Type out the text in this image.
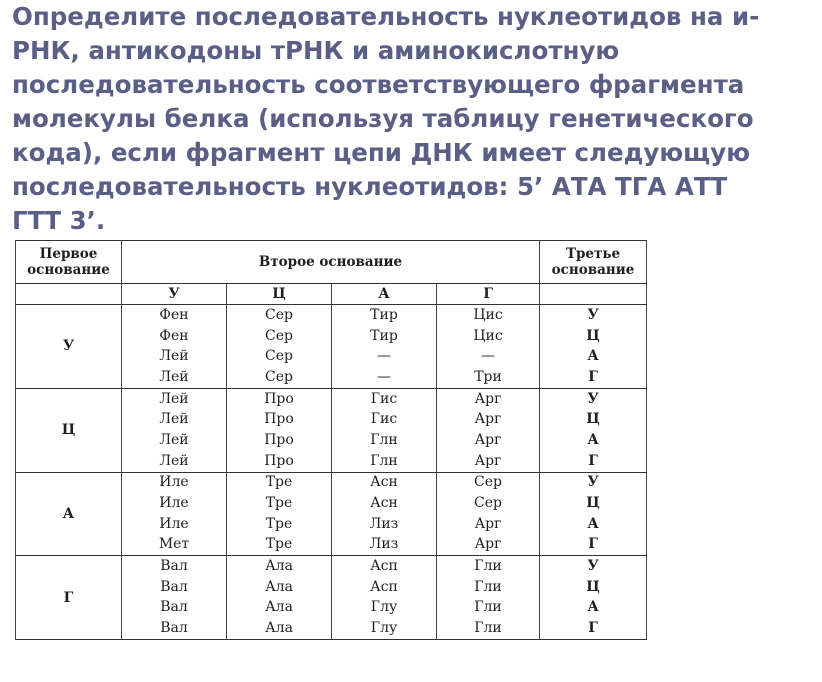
Определите последовательность нуклеотидов на и-
РНК, антикодоны тРНК и аминокислотную
последовательность соответствующего фрагмента
молекулы белка (используя таблицу генетического
кода), если фрагмент цепи ДНК имеет следующую
последовательность нуклеотидов: 5’ АТА ТГА АТТ
ГТТ 3’.
Первое основание	Второе основание				Третье основание
	У	Ц	А	Г	
У	Фен	Сер	Тир	Цис	У
	Фен	Сер	Тир	Цис	Ц
	Лей	Сер	—	—	А
	Лей	Сер	—	Три	Г
Ц	Лей	Про	Гис	Арг	У
	Лей	Про	Гис	Арг	Ц
	Лей	Про	Глн	Арг	А
	Лей	Про	Глн	Арг	Г
А	Иле	Тре	Асн	Сер	У
	Иле	Тре	Асн	Сер	Ц
	Иле	Тре	Лиз	Арг	А
	Мет	Тре	Лиз	Арг	Г
Г	Вал	Ала	Асп	Гли	У
	Вал	Ала	Асп	Гли	Ц
	Вал	Ала	Глу	Гли	А
	Вал	Ала	Глу	Гли	Г
